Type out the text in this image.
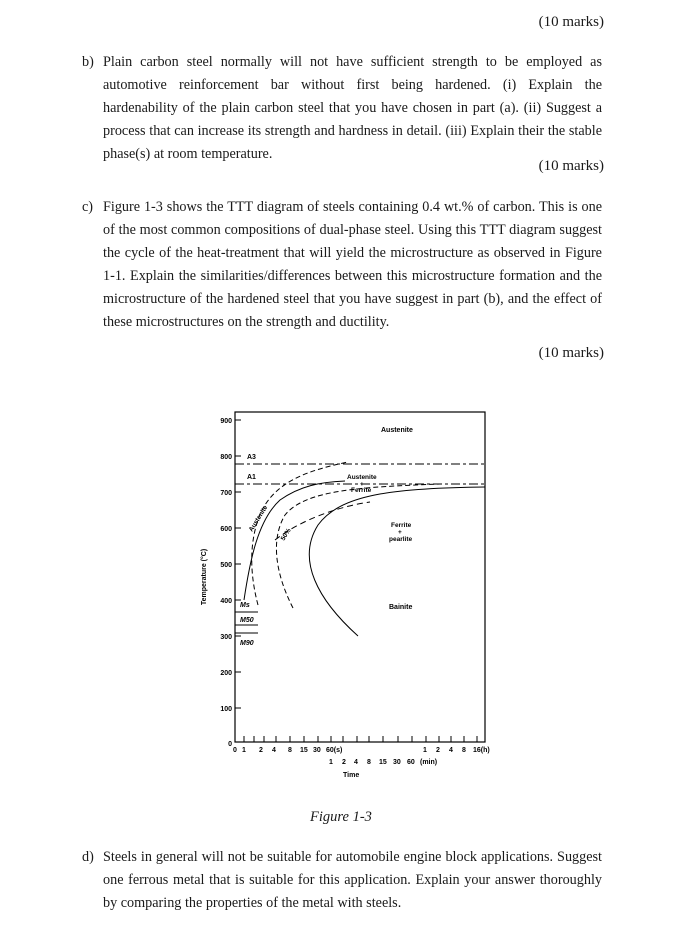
(10 marks)
b) Plain carbon steel normally will not have sufficient strength to be employed as automotive reinforcement bar without first being hardened. (i) Explain the hardenability of the plain carbon steel that you have chosen in part (a). (ii) Suggest a process that can increase its strength and hardness in detail. (iii) Explain their the stable phase(s) at room temperature.
(10 marks)
c) Figure 1-3 shows the TTT diagram of steels containing 0.4 wt.% of carbon. This is one of the most common compositions of dual-phase steel. Using this TTT diagram suggest the cycle of the heat-treatment that will yield the microstructure as observed in Figure 1-1. Explain the similarities/differences between this microstructure formation and the microstructure of the hardened steel that you have suggest in part (b), and the effect of these microstructures on the strength and ductility.
(10 marks)
900
800
700
600
500
400
300
200
100
0
Temperature (°C)
0 1 2 4 8 15 30 60(s)	1 2 4 8 16(h)
1 2 4 8 15 30 60 (min)
Time
A3
A1
Ms
M50
M90
Austenite
Austenite
+
Ferrite
Ferrite
+
pearlite
Bainite
Austenite
50%
Figure 1-3
d) Steels in general will not be suitable for automobile engine block applications. Suggest one ferrous metal that is suitable for this application. Explain your answer thoroughly by comparing the properties of the metal with steels.
